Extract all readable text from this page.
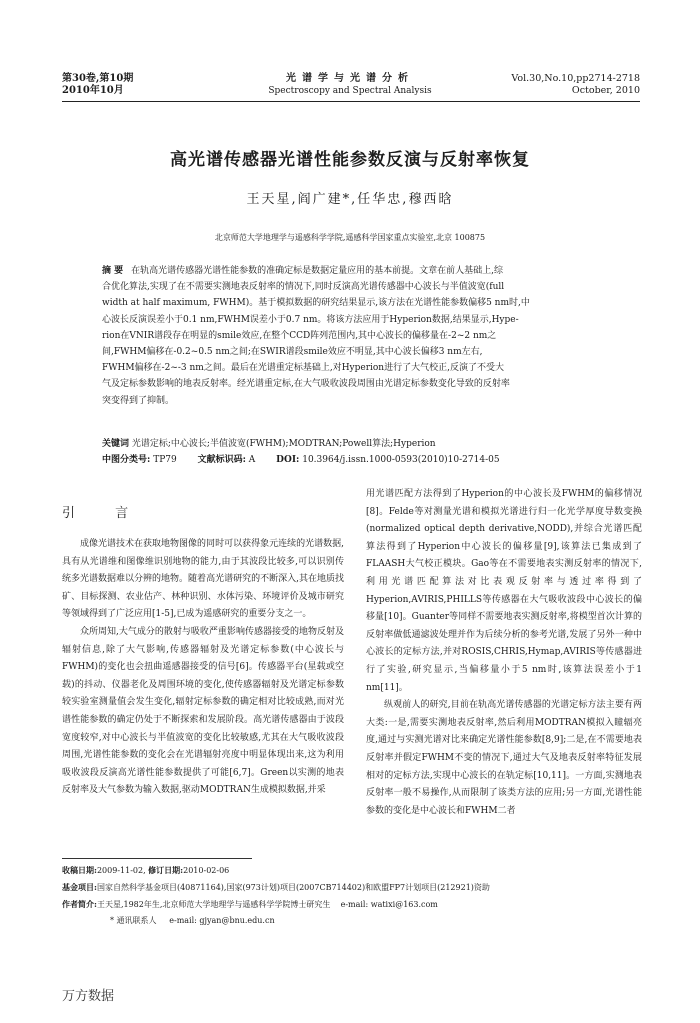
第30卷,第10期
2010年10月
光谱学与光谱分析
Spectroscopy and Spectral Analysis
Vol.30,No.10,pp2714-2718
October, 2010
高光谱传感器光谱性能参数反演与反射率恢复
王天星,阎广建*,任华忠,穆西晗
北京师范大学地理学与遥感科学学院,遥感科学国家重点实验室,北京 100875
摘 要 在轨高光谱传感器光谱性能参数的准确定标是数据定量应用的基本前提。文章在前人基础上,综
合优化算法,实现了在不需要实测地表反射率的情况下,同时反演高光谱传感器中心波长与半值波宽(full
width at half maximum, FWHM)。基于模拟数据的研究结果显示,该方法在光谱性能参数偏移5 nm时,中
心波长反演误差小于0.1 nm,FWHM误差小于0.7 nm。将该方法应用于Hyperion数据,结果显示,Hype-
rion在VNIR谱段存在明显的smile效应,在整个CCD阵列范围内,其中心波长的偏移量在-2~2 nm之
间,FWHM偏移在-0.2~0.5 nm之间;在SWIR谱段smile效应不明显,其中心波长偏移3 nm左右,
FWHM偏移在-2~-3 nm之间。最后在光谱重定标基础上,对Hyperion进行了大气校正,反演了不受大
气及定标参数影响的地表反射率。经光谱重定标,在大气吸收波段周围由光谱定标参数变化导致的反射率
突变得到了抑制。
关键词 光谱定标;中心波长;半值波宽(FWHM);MODTRAN;Powell算法;Hyperion
中图分类号: TP79 文献标识码: A DOI: 10.3964/j.issn.1000-0593(2010)10-2714-05
引 言

成像光谱技术在获取地物图像的同时可以获得象元连续的光谱数据,具有从光谱维和图像维识别地物的能力,由于其波段比较多,可以识别传统多光谱数据难以分辨的地物。随着高光谱研究的不断深入,其在地质找矿、目标探测、农业估产、林种识别、水体污染、环境评价及城市研究等领域得到了广泛应用[1-5],已成为遥感研究的重要分支之一。

众所周知,大气成分的散射与吸收严重影响传感器接受的地物反射及辐射信息,除了大气影响,传感器辐射及光谱定标参数(中心波长与FWHM)的变化也会扭曲遥感器接受的信号[6]。传感器平台(星载或空载)的抖动、仪器老化及周围环境的变化,使传感器辐射及光谱定标参数较实验室测量值会发生变化,辐射定标参数的确定相对比较成熟,而对光谱性能参数的确定仍处于不断探索和发展阶段。高光谱传感器由于波段宽度较窄,对中心波长与半值波宽的变化比较敏感,尤其在大气吸收波段周围,光谱性能参数的变化会在光谱辐射亮度中明显体现出来,这为利用吸收波段反演高光谱性能参数提供了可能[6,7]。Green以实测的地表反射率及大气参数为输入数据,驱动MODTRAN生成模拟数据,并采

用光谱匹配方法得到了Hyperion的中心波长及FWHM的偏移情况[8]。Felde等对测量光谱和模拟光谱进行归一化光学厚度导数变换(normalized optical depth derivative,NODD),并综合光谱匹配算法得到了Hyperion中心波长的偏移量[9],该算法已集成到了FLAASH大气校正模块。Gao等在不需要地表实测反射率的情况下,利用光谱匹配算法对比表观反射率与透过率得到了Hyperion,AVIRIS,PHILLS等传感器在大气吸收波段中心波长的偏移量[10]。Guanter等同样不需要地表实测反射率,将模型首次计算的反射率做低通滤波处理并作为后续分析的参考光谱,发展了另外一种中心波长的定标方法,并对ROSIS,CHRIS,Hymap,AVIRIS等传感器进行了实验,研究显示,当偏移量小于5 nm时,该算法误差小于1 nm[11]。

纵观前人的研究,目前在轨高光谱传感器的光谱定标方法主要有两大类:一是,需要实测地表反射率,然后利用MODTRAN模拟入瞳辐亮度,通过与实测光谱对比来确定光谱性能参数[8,9];二是,在不需要地表反射率并假定FWHM不变的情况下,通过大气及地表反射率特征发展相对的定标方法,实现中心波长的在轨定标[10,11]。一方面,实测地表反射率一般不易操作,从而限制了该类方法的应用;另一方面,光谱性能参数的变化是中心波长和FWHM二者

收稿日期:2009-11-02, 修订日期:2010-02-06
基金项目:国家自然科学基金项目(40871164),国家(973计划)项目(2007CB714402)和欧盟FP7计划项目(212921)资助
作者简介:王天星,1982年生,北京师范大学地理学与遥感科学学院博士研究生 e-mail: watixi@163.com
* 通讯联系人 e-mail: gjyan@bnu.edu.cn
万方数据
